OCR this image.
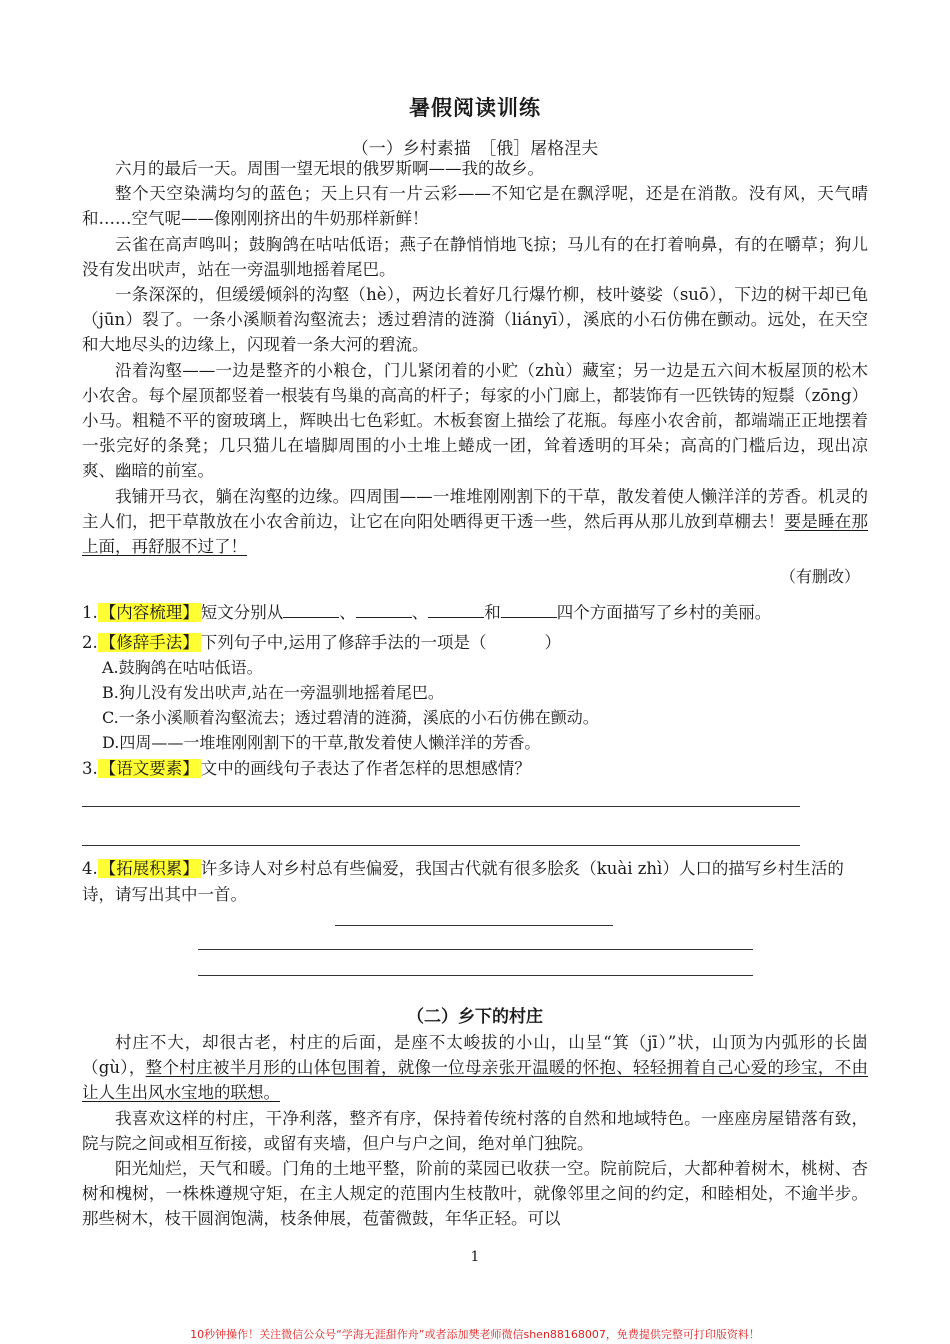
暑假阅读训练
（一）乡村素描　［俄］屠格涅夫

六月的最后一天。周围一望无垠的俄罗斯啊——我的故乡。

整个天空染满均匀的蓝色；天上只有一片云彩——不知它是在飘浮呢，还是在消散。没有风，天气晴和……空气呢——像刚刚挤出的牛奶那样新鲜！

云雀在高声鸣叫；鼓胸鸽在咕咕低语；燕子在静悄悄地飞掠；马儿有的在打着响鼻，有的在嚼草；狗儿没有发出吠声，站在一旁温驯地摇着尾巴。

一条深深的，但缓缓倾斜的沟壑（hè），两边长着好几行爆竹柳，枝叶婆娑（suō），下边的树干却已龟（jūn）裂了。一条小溪顺着沟壑流去；透过碧清的涟漪（liányī），溪底的小石仿佛在颤动。远处，在天空和大地尽头的边缘上，闪现着一条大河的碧流。

沿着沟壑——一边是整齐的小粮仓，门儿紧闭着的小贮（zhù）藏室；另一边是五六间木板屋顶的松木小农舍。每个屋顶都竖着一根装有鸟巢的高高的杆子；每家的小门廊上，都装饰有一匹铁铸的短鬃（zōng）小马。粗糙不平的窗玻璃上，辉映出七色彩虹。木板套窗上描绘了花瓶。每座小农舍前，都端端正正地摆着一张完好的条凳；几只猫儿在墙脚周围的小土堆上蜷成一团，耸着透明的耳朵；高高的门槛后边，现出凉爽、幽暗的前室。

我铺开马衣，躺在沟壑的边缘。四周围——一堆堆刚刚割下的干草，散发着使人懒洋洋的芳香。机灵的主人们，把干草散放在小农舍前边，让它在向阳处晒得更干透一些，然后再从那儿放到草棚去！要是睡在那上面，再舒服不过了！

（有删改）
1. 【内容梳理】 短文分别从	、	、	和	四个方面描写了乡村的美丽。
2. 【修辞手法】 下列句子中,运用了修辞手法的一项是（	）
A.鼓胸鸽在咕咕低语。
B.狗儿没有发出吠声,站在一旁温驯地摇着尾巴。
C.一条小溪顺着沟壑流去；透过碧清的涟漪，溪底的小石仿佛在颤动。
D.四周——一堆堆刚刚割下的干草,散发着使人懒洋洋的芳香。
3. 【语文要素】 文中的画线句子表达了作者怎样的思想感情？
4. 【拓展积累】 许多诗人对乡村总有些偏爱，我国古代就有很多脍炙（kuài zhì）人口的描写乡村生活的诗，请写出其中一首。
（二）乡下的村庄

村庄不大，却很古老，村庄的后面，是座不太峻拔的小山，山呈“箕（jī）”状，山顶为内弧形的长崮（gù），整个村庄被半月形的山体包围着，就像一位母亲张开温暖的怀抱、轻轻拥着自己心爱的珍宝，不由让人生出风水宝地的联想。

我喜欢这样的村庄，干净利落，整齐有序，保持着传统村落的自然和地域特色。一座座房屋错落有致，院与院之间或相互衔接，或留有夹墙，但户与户之间，绝对单门独院。

阳光灿烂，天气和暖。门角的土地平整，阶前的菜园已收获一空。院前院后，大都种着树木，桃树、杏树和槐树，一株株遵规守矩，在主人规定的范围内生枝散叶，就像邻里之间的约定，和睦相处，不逾半步。那些树木，枝干圆润饱满，枝条伸展，苞蕾微鼓，年华正轻。可以

1
10秒钟操作！关注微信公众号“学海无涯甜作舟”或者添加樊老师微信shen88168007，免费提供完整可打印版资料！
